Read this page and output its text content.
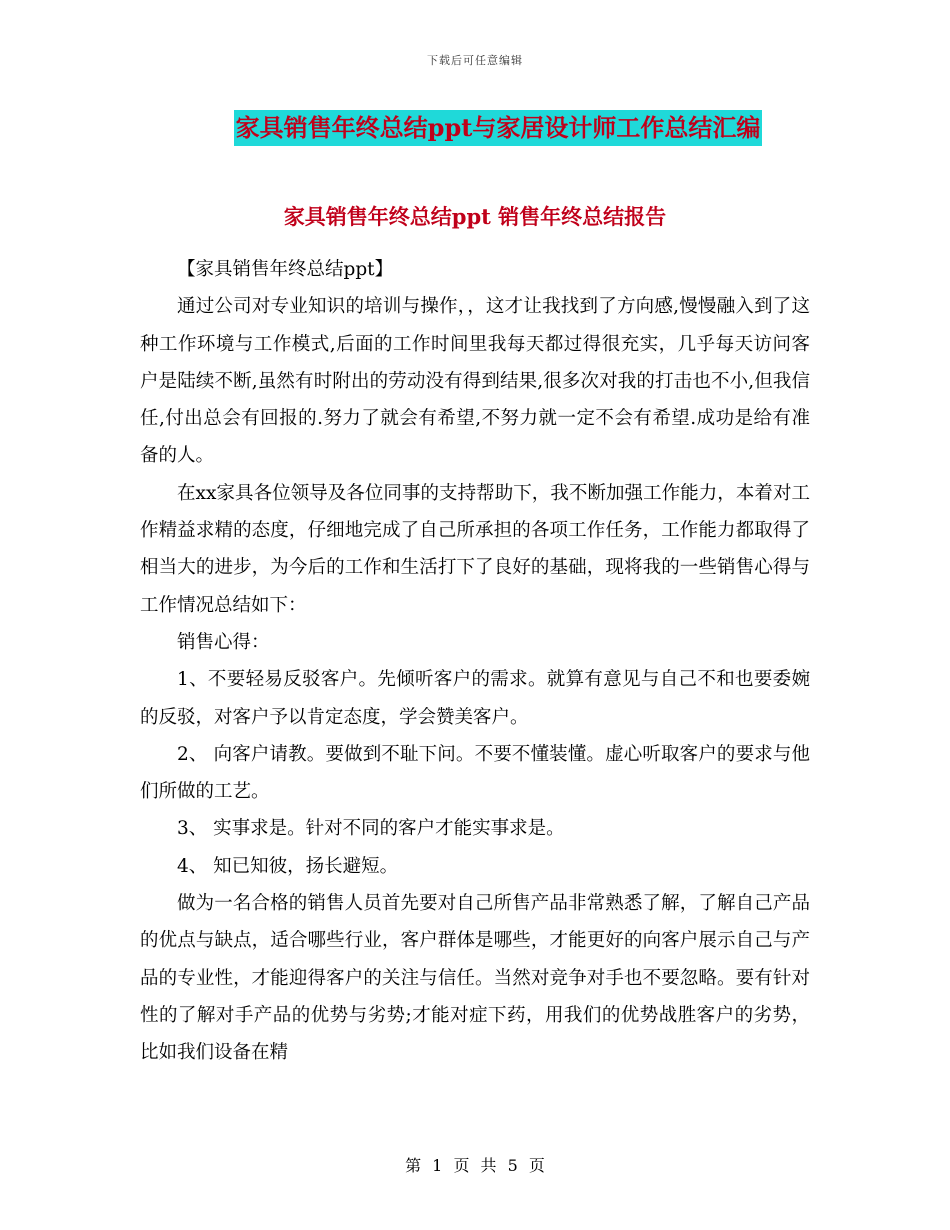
下载后可任意编辑
家具销售年终总结ppt与家居设计师工作总结汇编
家具销售年终总结ppt 销售年终总结报告

【家具销售年终总结ppt】

通过公司对专业知识的培训与操作，，这才让我找到了方向感,慢慢融入到了这种工作环境与工作模式,后面的工作时间里我每天都过得很充实，几乎每天访问客户是陆续不断,虽然有时附出的劳动没有得到结果,很多次对我的打击也不小,但我信任,付出总会有回报的.努力了就会有希望,不努力就一定不会有希望.成功是给有准备的人。

在xx家具各位领导及各位同事的支持帮助下，我不断加强工作能力，本着对工作精益求精的态度，仔细地完成了自己所承担的各项工作任务，工作能力都取得了相当大的进步，为今后的工作和生活打下了良好的基础，现将我的一些销售心得与工作情况总结如下：

销售心得：

1、不要轻易反驳客户。先倾听客户的需求。就算有意见与自己不和也要委婉的反驳，对客户予以肯定态度，学会赞美客户。

2、 向客户请教。要做到不耻下问。不要不懂装懂。虚心听取客户的要求与他们所做的工艺。

3、 实事求是。针对不同的客户才能实事求是。

4、 知已知彼，扬长避短。

做为一名合格的销售人员首先要对自己所售产品非常熟悉了解，了解自己产品的优点与缺点，适合哪些行业，客户群体是哪些，才能更好的向客户展示自己与产品的专业性，才能迎得客户的关注与信任。当然对竞争对手也不要忽略。要有针对性的了解对手产品的优势与劣势;才能对症下药，用我们的优势战胜客户的劣势，比如我们设备在精

第 1 页 共 5 页
